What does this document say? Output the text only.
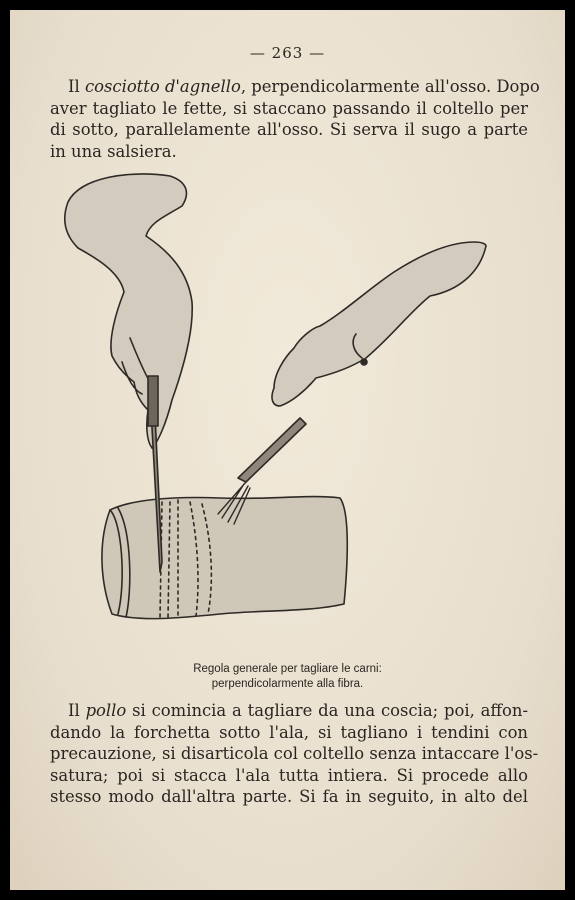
— 263 —
Il cosciotto d'agnello, perpendicolarmente all'osso. Dopo
aver tagliato le fette, si staccano passando il coltello per
di sotto, parallelamente all'osso. Si serva il sugo a parte
in una salsiera.
Regola generale per tagliare le carni:
perpendicolarmente alla fibra.
Il pollo si comincia a tagliare da una coscia; poi, affon-
dando la forchetta sotto l'ala, si tagliano i tendini con
precauzione, si disarticola col coltello senza intaccare l'os-
satura; poi si stacca l'ala tutta intiera. Si procede allo
stesso modo dall'altra parte. Si fa in seguito, in alto del
